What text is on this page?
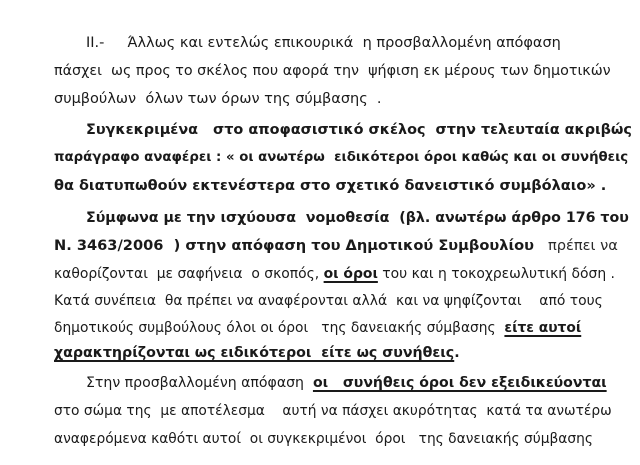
ΙΙ.-     Άλλως και εντελώς επικουρικά  η προσβαλλομένη απόφαση
πάσχει  ως προς το σκέλος που αφορά την  ψήφιση εκ μέρους των δημοτικών
συμβούλων  όλων των όρων της σύμβασης  .
Συγκεκριμένα   στο αποφασιστικό σκέλος  στην τελευταία ακριβώς
παράγραφο αναφέρει : « οι ανωτέρω  ειδικότεροι όροι καθώς και οι συνήθεις
θα διατυπωθούν εκτενέστερα στο σχετικό δανειστικό συμβόλαιο» .
Σύμφωνα με την ισχύουσα  νομοθεσία  (βλ. ανωτέρω άρθρο 176 του
Ν. 3463/2006  ) στην απόφαση του Δημοτικού Συμβουλίου   πρέπει να
καθορίζονται  με σαφήνεια  ο σκοπός, οι όροι του και η τοκοχρεωλυτική δόση .
Κατά συνέπεια  θα πρέπει να αναφέρονται αλλά  και να ψηφίζονται    από τους
δημοτικούς συμβούλους όλοι οι όροι   της δανειακής σύμβασης  είτε αυτοί
χαρακτηρίζονται ως ειδικότεροι  είτε ως συνήθεις.
Στην προσβαλλομένη απόφαση  οι   συνήθεις όροι δεν εξειδικεύονται
στο σώμα της  με αποτέλεσμα    αυτή να πάσχει ακυρότητας  κατά τα ανωτέρω
αναφερόμενα καθότι αυτοί  οι συγκεκριμένοι  όροι   της δανειακής σύμβασης
